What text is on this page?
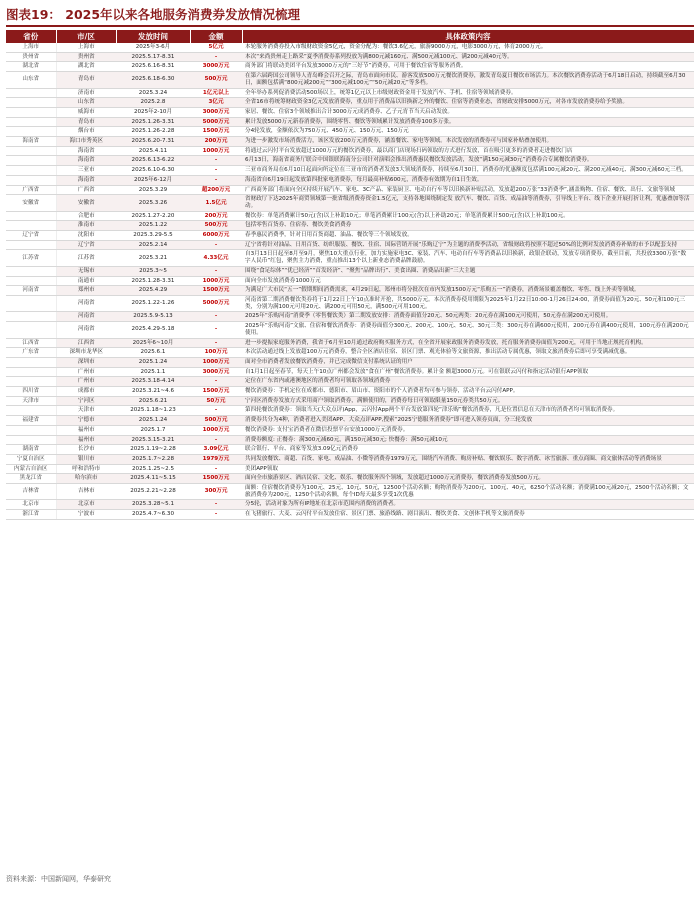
图表19： 2025年以来各地服务消费券发放情况梳理
省份	市/区	发放时间	金额	具体政策内容
上海市	上海市	2025年3-6月	5亿元	本轮服务消费券投入市级财政资金5亿元，资金分配为：餐饮3.6亿元，旅游9000万元，电影3000万元，体育2000万元。
贵州省	贵州省	2025.5.17-8.31	-	本次“来尚贵州走上路采”夏季消费券系列投放为满800元减160元、满500元减100元、满200元减40元等。
湖北省	湖北省	2025.6.16-8.31	3000万元	商务部门将联动美团平台发放3000万元的“三好节”消费券，可用于餐饮住宿等服务消费。
山东省	青岛市	2025.6.18-6.30	500万元	在第六届跨国公司领导人青岛峰会召开之际，青岛市面向市民、游客发放500万元餐饮消费券，激发青岛夏日餐饮市场活力。本次餐饮消费券活动于6月18日启动，持续截至6月30日，面额包括满“800元减200元”“300元减100元”“50元减20元”等多档。
	济南市	2025.3.24	1亿元以上	全年举办系列促消费活动500场以上，统筹1亿元以上市级财政资金用于发放汽车、手机、住宿等领域消费券。
	山东省	2025.2.8	3亿元	全省16市将统筹财政资金3亿元发放消费券，重点用于消费品以旧换新之外的餐饮、住宿等消费业态，省财政安排5000万元，对各市发放消费券给予奖励。
	威海市	2025年2-10月	3000万元	家居、餐饮、住宿3个领域推出合计3000万元成消费券、乙子元宵节当天启动发放。
	青岛市	2025.1.26-3.31	5000万元	累计发放5000万元新春消费券，围绕零售、餐饮等领域累计发放消费券100多万张。
	烟台市	2025.1.26-2.28	1500万元	分4轮发放，金额依次为750万元、450万元、150万元、150万元
海南省	海口市秀英区	2025.6.20-7.31	200万元	为进一步激发市场消费活力，该区发放200万元消费券，涵盖餐饮、家电等领域。本次发放的消费券可与国家补贴叠加使用。
	海南省	2025.4.11	1000万元	将通过云闪付平台发放超过1000万元的餐饮消费券，最以商门店现场扫码领取的方式进行发放，首在吸引更多的消费者走进餐饮门店
	海南省	2025.6.13-6.22	-	6月13日，海南省商务厅联合中国银联海南分公司针对演唱会推出消费惠民餐饮发放活动，发放“满150元减30元”消费券合专属餐饮消费券。
	三亚市	2025.6.10-6.30	-	三亚市商务局在6月10日起面向所定位在三亚市的消费者发放3大领域消费券，持续至6月30日，消费券的优惠额度包括满100元减20元、满200元减40元、满300元减60元三档。
	海南省	2025年6-12月	-	海南省自6月19日起发放第四批家电消费券，每月最高补贴600元，消费券有效期为自1日生效。
广西省	广西省	2025.3.29	超200万元	广西商务部门将面向全区持续开展汽车、家电、3C产品、家装厨卫、电动自行车等以旧换新补贴活动，发放超200万张“33消费季”,涵盖购物、住宿、餐饮、出行、文旅等领域
安徽省	安徽省	2025.3.26	1.5亿元	省财政厅下达2025年商贸领域第一批省级消费券资金1.5亿元，支持各地围绕制定发 放汽车、餐饮、百货、成品油等消费券，引导线上平台、线下企业开展打折让利，优惠叠加等活动。
	合肥市	2025.1.27-2.20	200万元	餐饮券：单笔消费累计50元(含)以上补助10元；单笔消费累计100元(含)以上补助20元；单笔消费累计500元(含)以上补助100元。
	淮南市	2025.1.22	500万元	包括零售百货券、住宿券、餐饮美食消费券
辽宁省	沈阳市	2025.3.29-5.5	6000万元	春季惠民消费季，针对日用百货商超、油品、餐饮等三个领域发放。
	辽宁省	2025.2.14	-	辽宁省将针对油品、日用百货、纺织服装、餐饮、住宿、国际营销开展“乐购辽宁”为主题的消费季活动，省级财政将按照不超过50%的比例对发放消费券补贴的市予以配套支持
江苏省	江苏省	2025.3.21	4.33亿元	自3月13日日起至8月至9月，聚焦10大重点行业，加力实施家电3C、家装、汽车、电动自行车等消费品以旧换新，政银企联动，发放专项消费券，截至目前，共投放3300万张“数字人民币”红包，聚焦主力消费，重点推出13个以上新业态消费品牌鼓励。
	无锡市	2025.3~5	-	围绕“食足综体”“优已经济”“首发经济”、“聚焦“品牌出行”、美食出圈、消费品出新”三大主题
	南通市	2025.1.28-3.31	1000万元	面向全市发放消费券1000万元
河南省	郑州市	2025.4.29	1500万元	为满足广大市民“五一”假期期间消费需求，4月29日起，郑州市将分批次在市内发放1500万元“乐购五一”消费券，消费场景覆盖餐饮、零售、线上外卖等领域。
	河南省	2025.1.22-1.26	5000万元	河南省第二期消费餐饮类券将于1月22日上午10点准时开抢，共5000万元。本次消费券使用期限为2025年1月22日10:00-1月26日24:00，消费券面值为20元、50元和100元三类，分别为满100元可用20元、满200元可用50元，满500元可用100元。
	河南省	2025.5.9-5.13	-	2025年“乐购河南”消费季（零售餐饮类）第二期发放安排：消费券面值分20元、50元两类：20元券在满100元可使用，50元券在满200元可使用。
	河南省	2025.4.29-5.18	-	2025年“乐购河南”文旅、住宿和餐饮消费券：消费券面值分300元、200元、100元、50元、30元三类：300元券在满600元使用，200元券在满400元使用，100元券在满200元使用。
江西省	江西省	2025年6~10月	-	进一步提振家庭服务消费，我省于6月至10月通过政府购买服务方式，在全省开展家政服务消费券发放，托育服务消费券面值为200元，可用于当地正规托育机构。
广东省	深圳市龙华区	2025.6.1	100万元	本次活动通过线上发放超100万元消费券，整合全区酒店住宿、景区门票、观光体验等文旅资源，推出活动专属优惠，领取文旅消费券后即可享受满减优惠。
	深圳市	2025.1.24	1000万元	面对全市消费者发放餐饮消费券，并已完成微信支付系统认证的用户
	广州市	2025.1.1	3000万元	自1月1日起至春节，每天上午10点广州都会发放“食在广州”餐饮消费券。累计金 额超3000万元。可在银联云闪付和指定活动银行APP领取
	广州市	2025.3.18-4.14	-	定位在广东省内或港澳地区的消费者均可领取各领域消费券
四川省	成都市	2025.3.21~4.6	1500万元	餐饮消费券：手机定位在成都市、德阳市、眉山市、资阳市的个人消费者均可参与领券，活动平台云闪付APP。
天津市	宁河区	2025.6.21	50万元	宁河区消费券发放方式采用商户领取消费券，满额使用的，消费券每日可领取限量150元券类共50万元。
	天津市	2025.1.18~1.23	-	第四轮餐饮消费券：领取当天(大众点评)App，云闪付App两个平台发放第四轮“津乐购”餐饮消费券，凡是位置信息在天津市的消费者均可领取消费券。
福建省	宁德市	2025.1.24	500万元	消费券共分为4种，消费者进入美团APP、大众点评APP,搜索“2025宁德服务消费券”即可进入领券页面，分三轮发放
	福州市	2025.1.7	1000万元	餐饮消费券: 支付宝消费者在微信投票平台安放1000万元消费券。
	福州市	2025.3.15-3.21	-	消费券额度: 正餐券：满300元减60元，满150元减30元; 快餐券：满50元减10元
湖南省	长沙市	2025.1.19~2.28	3.09亿元	联合银行、平台、商家等发放3.09亿元消费券
宁夏自治区	银川市	2025.1.7~2.28	1979万元	共同发放餐饮、商超、百货、家电、成品油、小微等消费券1979万元，围绕汽车消费、购房补贴、餐饮娱乐、数字消费、冰雪旅游、重点商圈、商文旅体活动等消费场景
内蒙古自治区	呼和浩特市	2025.1.25~2.5	-	美团APP领取
黑龙江省	哈尔滨市	2025.4.11~5.15	1500万元	面向全市旅游景区、酒店民宿、文化、娱乐、餐饮服务四个领域，发放超过1000万元消费券，餐饮消费券发放500万元。
吉林省	吉林市	2025.2.21~2.28	300万元	面额：住宿餐饮消费券为100元、25元、10元、50元，12500个活动名额；购物消费券为200元、100元、40元，6250个活动名额；消费满100元减20元，2500个活动名额；文旅消费券为200元，1250个活动名额，每个ID每天最多享受1次优惠
北京市	北京市	2025.3.28~5.1	-	分5轮，活动对象为所有IP地址在北京市范围内消费的消费者。
浙江省	宁波市	2025.4.7~6.30	-	在飞猪旅行、大麦、云闪付平台发放住宿、景区门票、旅游线路、剧目演出、餐饮美食、文创体手机等文旅消费券
资料来源：中国新闻网，华泰研究
